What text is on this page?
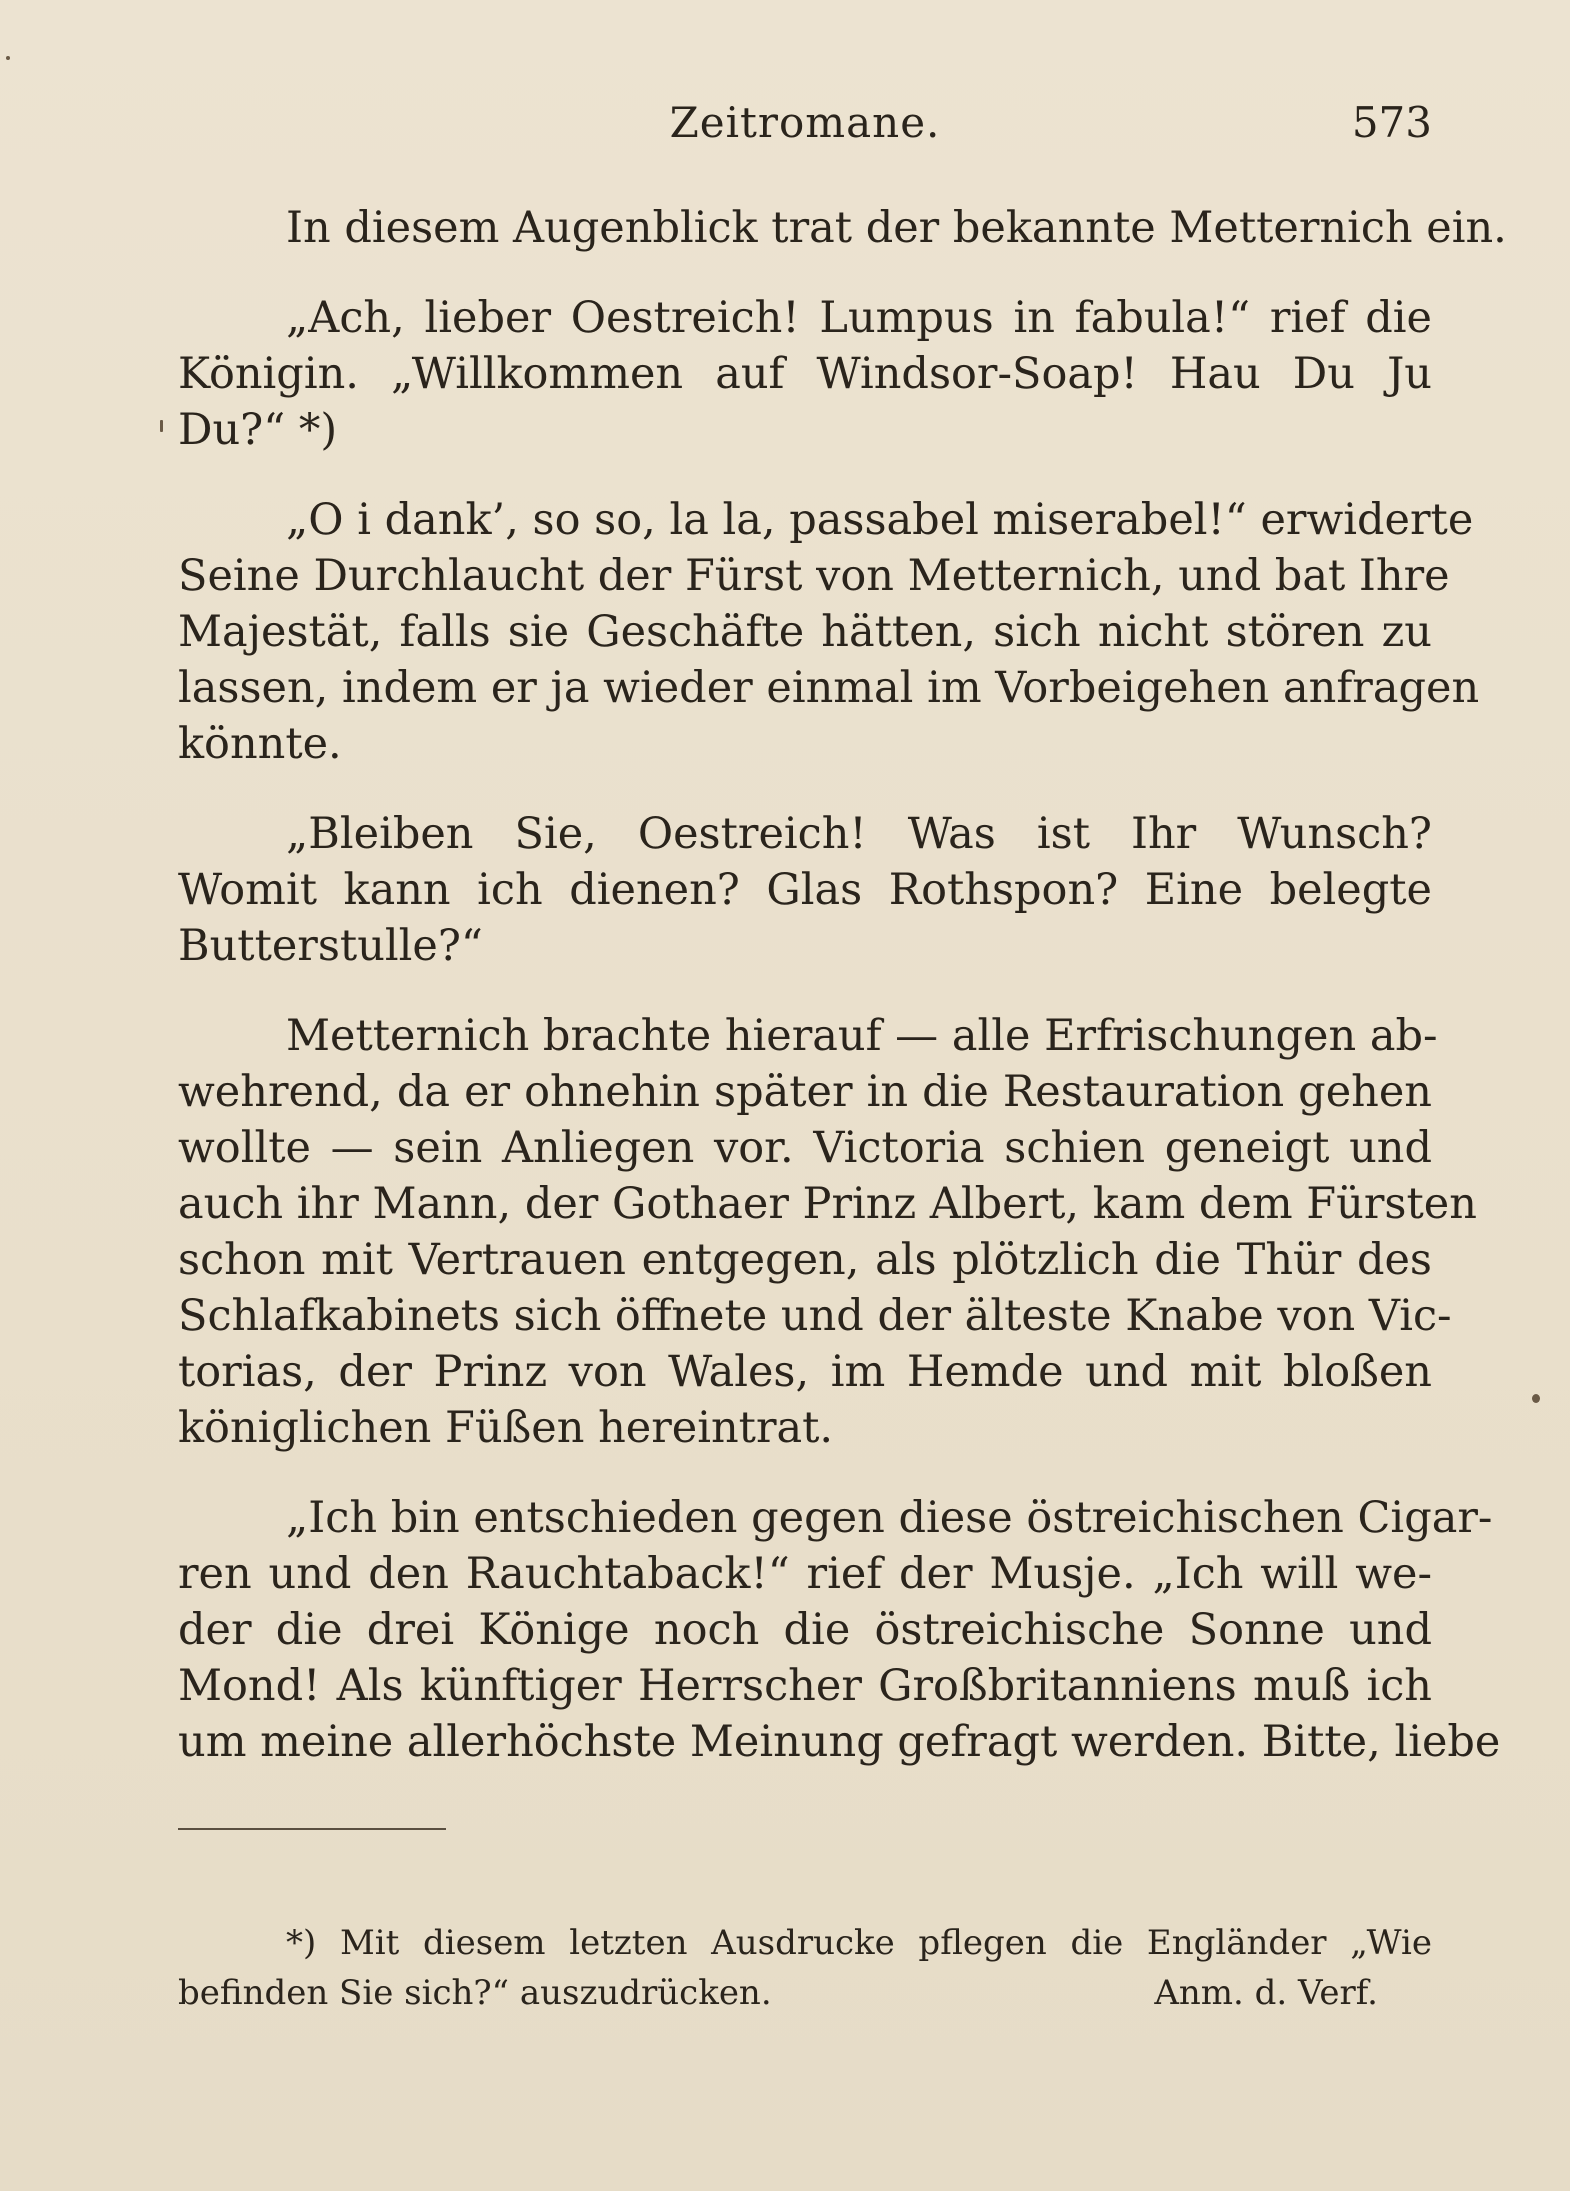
Zeitromane.	573
In diesem Augenblick trat der bekannte Metternich ein.
„Ach, lieber Oestreich! Lumpus in fabula!“ rief die
Königin. „Willkommen auf Windsor-Soap! Hau Du Ju
Du?“ *)
„O i dank’, so so, la la, passabel miserabel!“ erwiderte
Seine Durchlaucht der Fürst von Metternich, und bat Ihre
Majestät, falls sie Geschäfte hätten, sich nicht stören zu
lassen, indem er ja wieder einmal im Vorbeigehen anfragen
könnte.
„Bleiben Sie, Oestreich! Was ist Ihr Wunsch?
Womit kann ich dienen? Glas Rothspon? Eine belegte
Butterstulle?“
Metternich brachte hierauf — alle Erfrischungen ab-
wehrend, da er ohnehin später in die Restauration gehen
wollte — sein Anliegen vor. Victoria schien geneigt und
auch ihr Mann, der Gothaer Prinz Albert, kam dem Fürsten
schon mit Vertrauen entgegen, als plötzlich die Thür des
Schlafkabinets sich öffnete und der älteste Knabe von Vic-
torias, der Prinz von Wales, im Hemde und mit bloßen
königlichen Füßen hereintrat.
„Ich bin entschieden gegen diese östreichischen Cigar-
ren und den Rauchtaback!“ rief der Musje. „Ich will we-
der die drei Könige noch die östreichische Sonne und
Mond! Als künftiger Herrscher Großbritanniens muß ich
um meine allerhöchste Meinung gefragt werden. Bitte, liebe
*) Mit diesem letzten Ausdrucke pflegen die Engländer „Wie
befinden Sie sich?“ auszudrücken.	Anm. d. Verf.
